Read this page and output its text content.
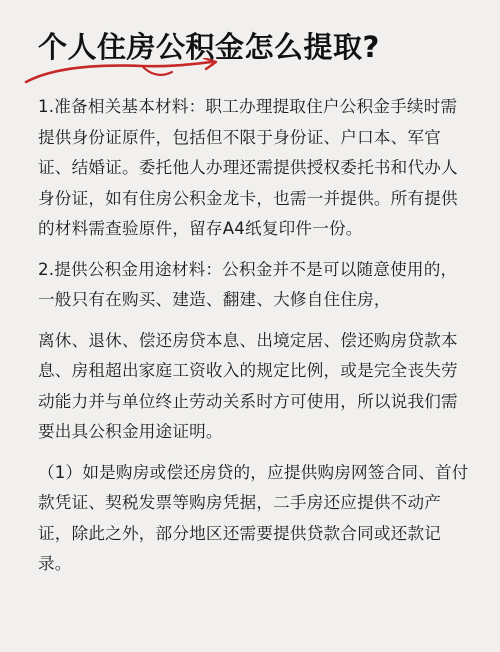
个人住房公积金怎么提取?

1.准备相关基本材料：职工办理提取住户公积金手续时需提供身份证原件，包括但不限于身份证、户口本、军官证、结婚证。委托他人办理还需提供授权委托书和代办人身份证，如有住房公积金龙卡，也需一并提供。所有提供的材料需查验原件，留存A4纸复印件一份。

2.提供公积金用途材料：公积金并不是可以随意使用的，一般只有在购买、建造、翻建、大修自住住房，

离休、退休、偿还房贷本息、出境定居、偿还购房贷款本息、房租超出家庭工资收入的规定比例，或是完全丧失劳动能力并与单位终止劳动关系时方可使用，所以说我们需要出具公积金用途证明。

（1）如是购房或偿还房贷的，应提供购房网签合同、首付款凭证、契税发票等购房凭据，二手房还应提供不动产证，除此之外，部分地区还需要提供贷款合同或还款记录。
